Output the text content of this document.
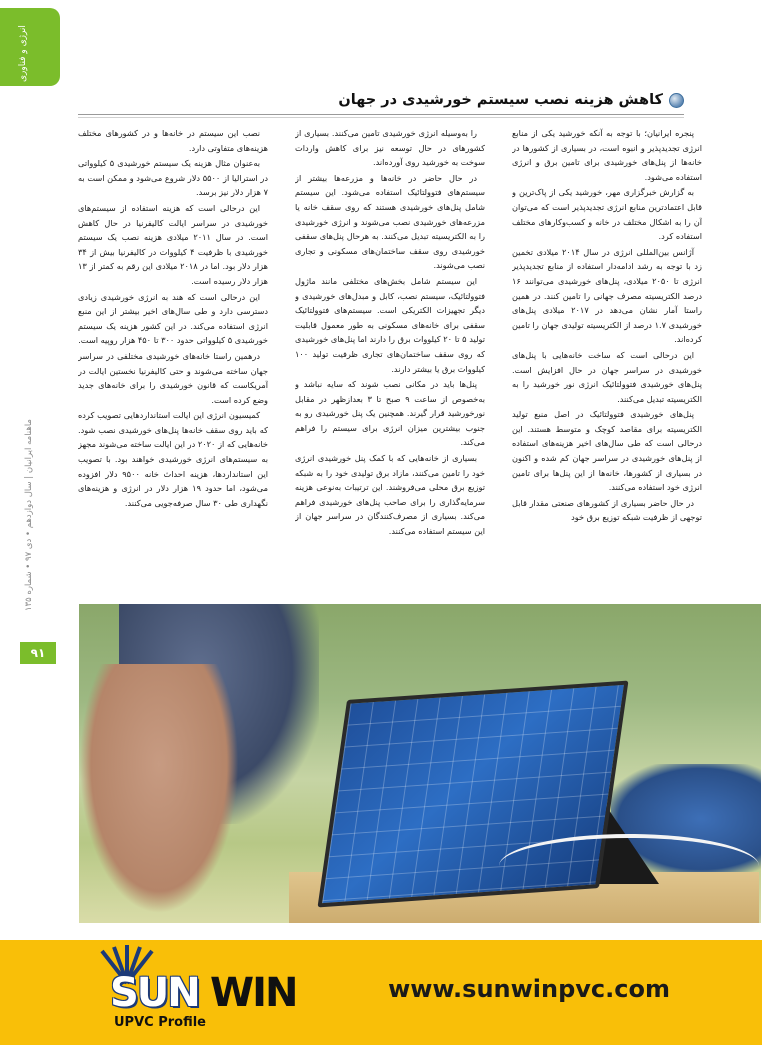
انرژی و فناوری
ماهنامه ایرانیان | سال دوازدهم • دی ۹۷ • شماره ۱۳۵
۹۱
کاهش هزینه نصب سیستم خورشیدی در جهان

پنجره ایرانیان؛ با توجه به آنکه خورشید یکی از منابع انرژی تجدیدپذیر و انبوه است، در بسیاری از کشورها در خانه‌ها از پنل‌های خورشیدی برای تامین برق و انرژی استفاده می‌شود.

به گزارش خبرگزاری مهر، خورشید یکی از پاک‌ترین و قابل اعتمادترین منابع انرژی تجدیدپذیر است که می‌توان آن را به اشکال مختلف در خانه و کسب‌وکارهای مختلف استفاده کرد.

آژانس بین‌المللی انرژی در سال ۲۰۱۴ میلادی تخمین زد با توجه به رشد ادامه‌دار استفاده از منابع تجدیدپذیر انرژی تا ۲۰۵۰ میلادی، پنل‌های خورشیدی می‌توانند ۱۶ درصد الکتریسیته مصرف جهانی را تامین کنند. در همین راستا آمار نشان می‌دهد در ۲۰۱۷ میلادی پنل‌های خورشیدی ۱.۷ درصد از الکتریسیته تولیدی جهان را تامین کرده‌اند.

این درحالی است که ساخت خانه‌هایی با پنل‌های خورشیدی در سراسر جهان در حال افزایش است. پنل‌های خورشیدی فتوولتائیک انرژی نور خورشید را به الکتریسیته تبدیل می‌کنند.

پنل‌های خورشیدی فتوولتائیک در اصل منبع تولید الکتریسیته برای مقاصد کوچک و متوسط هستند. این درحالی است که طی سال‌های اخیر هزینه‌های استفاده از پنل‌های خورشیدی در سراسر جهان کم شده و اکنون در بسیاری از کشورها، خانه‌ها از این پنل‌ها برای تامین انرژی خود استفاده می‌کنند.

در حال حاضر بسیاری از کشورهای صنعتی مقدار قابل توجهی از ظرفیت شبکه توزیع برق خود

را به‌وسیله انرژی خورشیدی تامین می‌کنند. بسیاری از کشورهای در حال توسعه نیز برای کاهش واردات سوخت به خورشید روی آورده‌اند.

در حال حاضر در خانه‌ها و مزرعه‌ها بیشتر از سیستم‌های فتوولتائیک استفاده می‌شود. این سیستم شامل پنل‌های خورشیدی هستند که روی سقف خانه یا مزرعه‌های خورشیدی نصب می‌شوند و انرژی خورشیدی را به الکتریسیته تبدیل می‌کنند. به هرحال پنل‌های سقفی خورشیدی روی سقف ساختمان‌های مسکونی و تجاری نصب می‌شوند.

این سیستم شامل بخش‌های مختلفی مانند ماژول فتوولتائیک، سیستم نصب، کابل و مبدل‌های خورشیدی و دیگر تجهیزات الکتریکی است. سیستم‌های فتوولتائیک سقفی برای خانه‌های مسکونی به طور معمول قابلیت تولید ۵ تا ۲۰ کیلووات برق را دارند اما پنل‌های خورشیدی که روی سقف ساختمان‌های تجاری ظرفیت تولید ۱۰۰ کیلووات برق یا بیشتر دارند.

پنل‌ها باید در مکانی نصب شوند که سایه نباشد و به‌خصوص از ساعت ۹ صبح تا ۳ بعدازظهر در مقابل نورخورشید قرار گیرند. همچنین یک پنل خورشیدی رو به جنوب بیشترین میزان انرژی برای سیستم را فراهم می‌کند.

بسیاری از خانه‌هایی که با کمک پنل خورشیدی انرژی خود را تامین می‌کنند، مازاد برق تولیدی خود را به شبکه توزیع برق محلی می‌فروشند. این ترتیبات به‌نوعی هزینه سرمایه‌گذاری را برای صاحب پنل‌های خورشیدی فراهم می‌کند. بسیاری از مصرف‌کنندگان در سراسر جهان از این سیستم استفاده می‌کنند.

نصب این سیستم در خانه‌ها و در کشورهای مختلف هزینه‌های متفاوتی دارد.

به‌عنوان مثال هزینه یک سیستم خورشیدی ۵ کیلوواتی در استرالیا از ۵۵۰۰ دلار شروع می‌شود و ممکن است به ۷ هزار دلار نیز برسد.

این درحالی است که هزینه استفاده از سیستم‌های خورشیدی در سراسر ایالت کالیفرنیا در حال کاهش است. در سال ۲۰۱۱ میلادی هزینه نصب یک سیستم خورشیدی با ظرفیت ۴ کیلووات در کالیفرنیا بیش از ۳۴ هزار دلار بود. اما در ۲۰۱۸ میلادی این رقم به کمتر از ۱۳ هزار دلار رسیده است.

این درحالی است که هند به انرژی خورشیدی زیادی دسترسی دارد و طی سال‌های اخیر بیشتر از این منبع انرژی استفاده می‌کند. در این کشور هزینه یک سیستم خورشیدی ۵ کیلوواتی حدود ۳۰۰ تا ۴۵۰ هزار روپیه است.

درهمین راستا خانه‌های خورشیدی مختلفی در سراسر جهان ساخته می‌شوند و حتی کالیفرنیا نخستین ایالت در آمریکاست که قانون خورشیدی را برای خانه‌های جدید وضع کرده است.

کمیسیون انرژی این ایالت استانداردهایی تصویب کرده که باید روی سقف خانه‌ها پنل‌های خورشیدی نصب شود. خانه‌هایی که از ۲۰۲۰ در این ایالت ساخته می‌شوند مجهز به سیستم‌های انرژی خورشیدی خواهند بود. با تصویب این استانداردها، هزینه احداث خانه ۹۵۰۰ دلار افزوده می‌شود، اما حدود ۱۹ هزار دلار در انرژی و هزینه‌های نگهداری طی ۳۰ سال صرفه‌جویی می‌کنند.

SUN WIN
UPVC Profile
www.sunwinpvc.com
